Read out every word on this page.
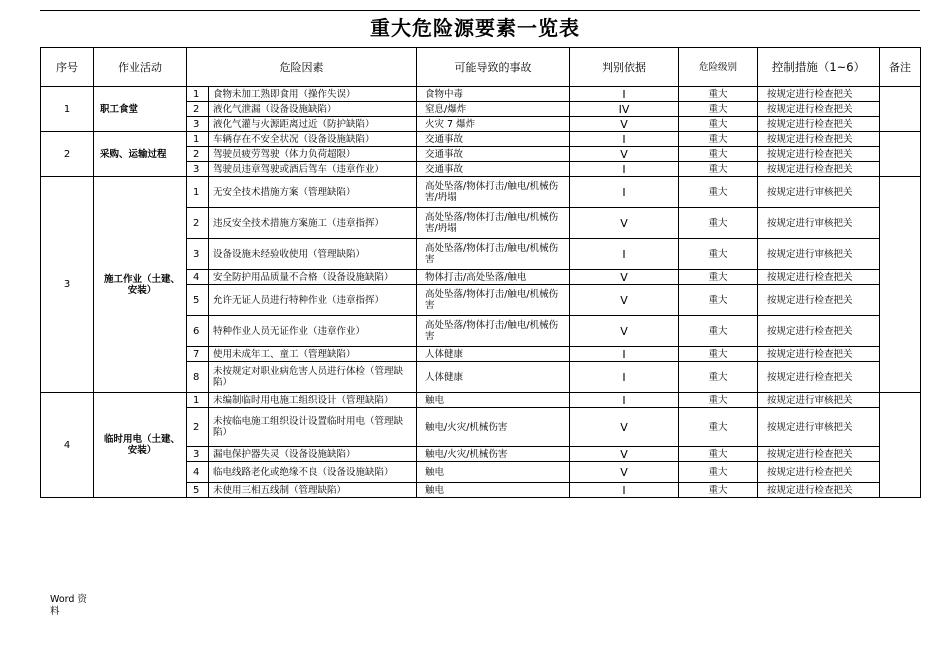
重大危险源要素一览表
序号	作业活动	危险因素		可能导致的事故	判别依据	危险级别	控制措施（1~6）	备注
1	职工食堂	1	食物未加工熟即食用（操作失误）	食物中毒	I	重大	按规定进行检查把关	
		2	液化气泄漏（设备设施缺陷）	窒息/爆炸	IV	重大	按规定进行检查把关	
		3	液化气灌与火源距离过近（防护缺陷）	火灾 7 爆炸	V	重大	按规定进行检查把关	
2	采购、运输过程	1	车辆存在不安全状况（设备设施缺陷）	交通事故	I	重大	按规定进行检查把关	
		2	驾驶员疲劳驾驶（体力负荷超限）	交通事故	V	重大	按规定进行检查把关	
		3	驾驶员违章驾驶或酒后驾车（违章作业）	交通事故	I	重大	按规定进行检查把关	
3	施工作业（土建、安装）	1	无安全技术措施方案（管理缺陷）	高处坠落/物体打击/触电/机械伤害/坍塌	I	重大	按规定进行审核把关	
		2	违反安全技术措施方案施工（违章指挥）	高处坠落/物体打击/触电/机械伤害/坍塌	V	重大	按规定进行审核把关	
		3	设备设施未经验收使用（管理缺陷）	高处坠落/物体打击/触电/机械伤害	I	重大	按规定进行审核把关	
		4	安全防护用品质量不合格（设备设施缺陷）	物体打击/高处坠落/触电	V	重大	按规定进行检查把关	
		5	允许无证人员进行特种作业（违章指挥）	高处坠落/物体打击/触电/机械伤害	V	重大	按规定进行检查把关	
		6	特种作业人员无证作业（违章作业）	高处坠落/物体打击/触电/机械伤害	V	重大	按规定进行检查把关	
		7	使用未成年工、童工（管理缺陷）	人体健康	I	重大	按规定进行检查把关	
		8	未按规定对职业病危害人员进行体检（管理缺陷）	人体健康	I	重大	按规定进行检查把关	
4	临时用电（土建、安装）	1	未编制临时用电施工组织设计（管理缺陷）	触电	I	重大	按规定进行审核把关	
		2	未按临电施工组织设计设置临时用电（管理缺陷）	触电/火灾/机械伤害	V	重大	按规定进行审核把关	
		3	漏电保护器失灵（设备设施缺陷）	触电/火灾/机械伤害	V	重大	按规定进行检查把关	
		4	临电线路老化或绝缘不良（设备设施缺陷）	触电	V	重大	按规定进行检查把关	
		5	未使用三相五线制（管理缺陷）	触电	I	重大	按规定进行检查把关	
Word 资
料
